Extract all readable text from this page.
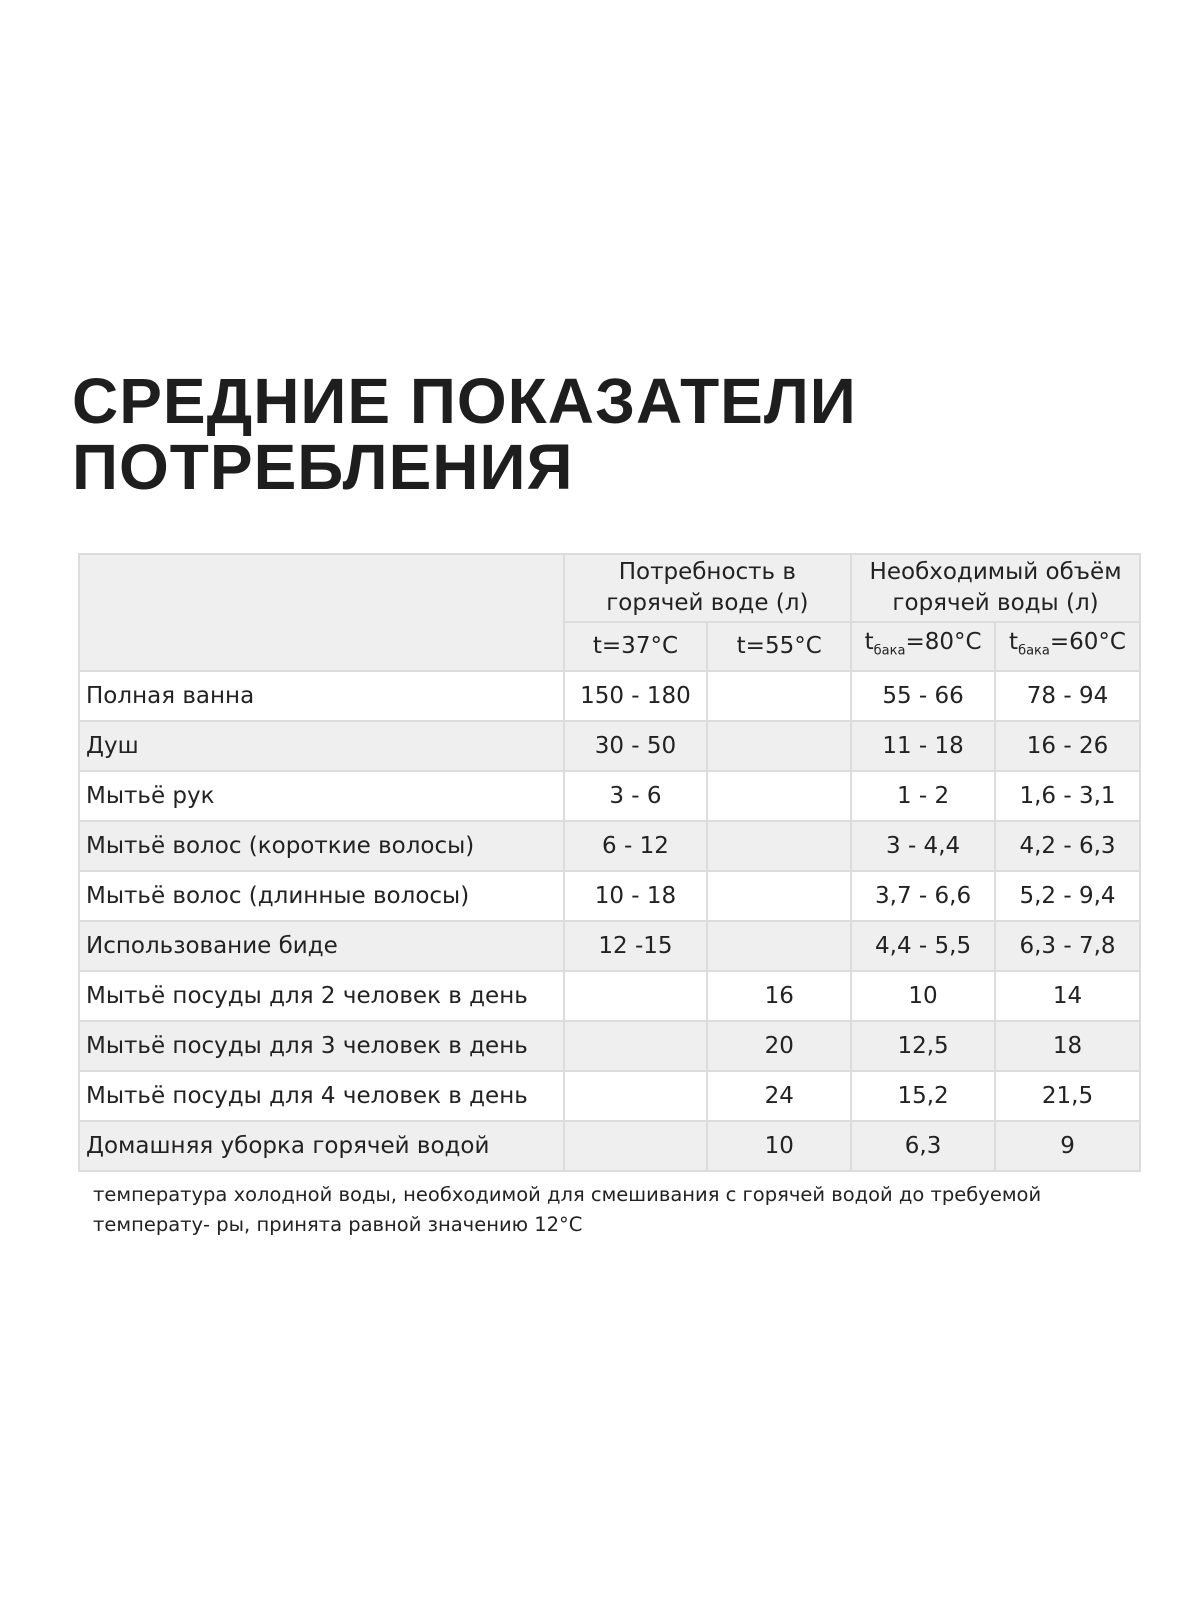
СРЕДНИЕ ПОКАЗАТЕЛИ
ПОТРЕБЛЕНИЯ
	Потребность в горячей воде (л)		Необходимый объём горячей воды (л)	
	t=37°C	t=55°C	$t_{бака}=80^\circ C$	$t_{бака}=60^\circ C$
Полная ванна	150 - 180		55 - 66	78 - 94
Душ	30 - 50		11 - 18	16 - 26
Мытьё рук	3 - 6		1 - 2	1,6 - 3,1
Мытьё волос (короткие волосы)	6 - 12		3 - 4,4	4,2 - 6,3
Мытьё волос (длинные волосы)	10 - 18		3,7 - 6,6	5,2 - 9,4
Использование биде	12 -15		4,4 - 5,5	6,3 - 7,8
Мытьё посуды для 2 человек в день		16	10	14
Мытьё посуды для 3 человек в день		20	12,5	18
Мытьё посуды для 4 человек в день		24	15,2	21,5
Домашняя уборка горячей водой		10	6,3	9

температура холодной воды, необходимой для смешивания с горячей водой до требуемой температу- ры, принята равной значению 12°С
